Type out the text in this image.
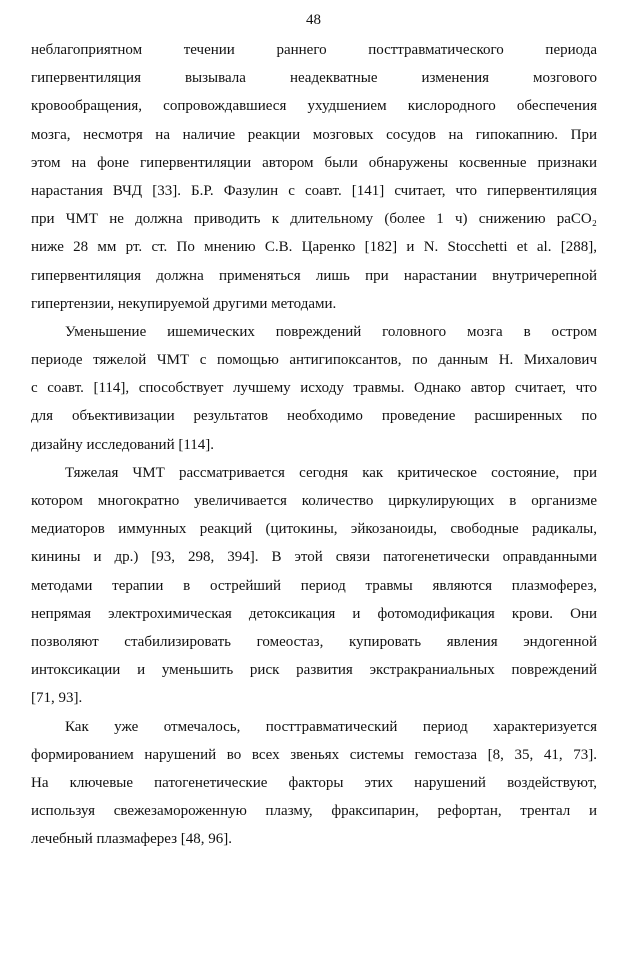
48
неблагоприятном течении раннего посттравматического периода
гипервентиляция вызывала неадекватные изменения мозгового
кровообращения, сопровождавшиеся ухудшением кислородного обеспечения
мозга, несмотря на наличие реакции мозговых сосудов на гипокапнию. При
этом на фоне гипервентиляции автором были обнаружены косвенные признаки
нарастания ВЧД [33]. Б.Р. Фазулин с соавт. [141] считает, что гипервентиляция
при ЧМТ не должна приводить к длительному (более 1 ч) снижению paCO₂
ниже 28 мм рт. ст. По мнению С.В. Царенко [182] и N. Stocchetti et al. [288],
гипервентиляция должна применяться лишь при нарастании внутричерепной
гипертензии, некупируемой другими методами.
Уменьшение ишемических повреждений головного мозга в остром
периоде тяжелой ЧМТ с помощью антигипоксантов, по данным Н. Михалович
с соавт. [114], способствует лучшему исходу травмы. Однако автор считает, что
для объективизации результатов необходимо проведение расширенных по
дизайну исследований [114].
Тяжелая ЧМТ рассматривается сегодня как критическое состояние, при
котором многократно увеличивается количество циркулирующих в организме
медиаторов иммунных реакций (цитокины, эйкозаноиды, свободные радикалы,
кинины и др.) [93, 298, 394]. В этой связи патогенетически оправданными
методами терапии в острейший период травмы являются плазмоферез,
непрямая электрохимическая детоксикация и фотомодификация крови. Они
позволяют стабилизировать гомеостаз, купировать явления эндогенной
интоксикации и уменьшить риск развития экстракраниальных повреждений
[71, 93].
Как уже отмечалось, посттравматический период характеризуется
формированием нарушений во всех звеньях системы гемостаза [8, 35, 41, 73].
На ключевые патогенетические факторы этих нарушений воздействуют,
используя свежезамороженную плазму, фраксипарин, рефортан, трентал и
лечебный плазмаферез [48, 96].
